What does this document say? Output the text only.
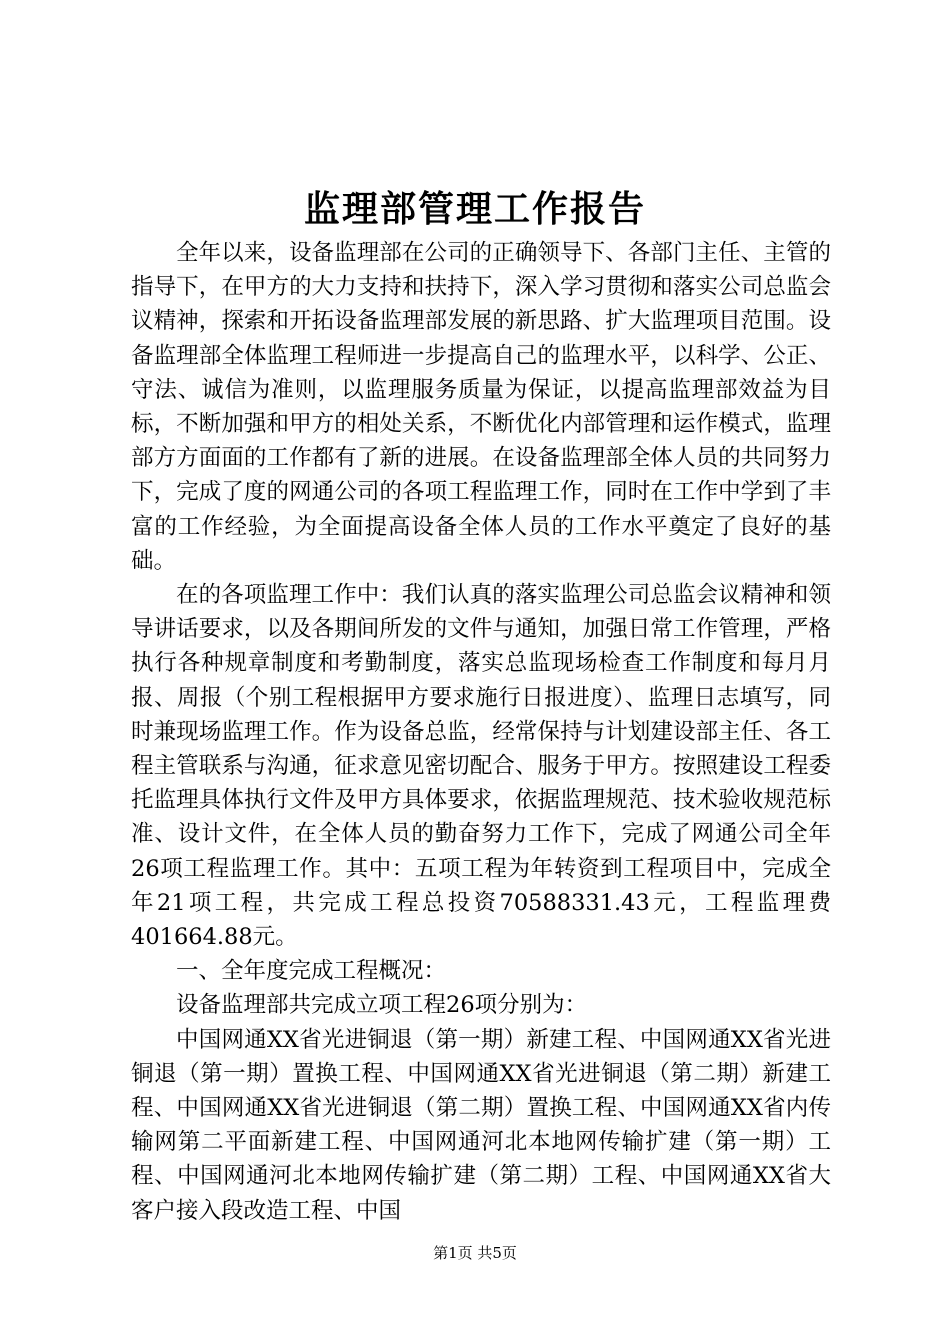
监理部管理工作报告

全年以来，设备监理部在公司的正确领导下、各部门主任、主管的指导下，在甲方的大力支持和扶持下，深入学习贯彻和落实公司总监会议精神，探索和开拓设备监理部发展的新思路、扩大监理项目范围。设备监理部全体监理工程师进一步提高自己的监理水平，以科学、公正、守法、诚信为准则，以监理服务质量为保证，以提高监理部效益为目标，不断加强和甲方的相处关系，不断优化内部管理和运作模式，监理部方方面面的工作都有了新的进展。在设备监理部全体人员的共同努力下，完成了度的网通公司的各项工程监理工作，同时在工作中学到了丰富的工作经验，为全面提高设备全体人员的工作水平奠定了良好的基础。

在的各项监理工作中：我们认真的落实监理公司总监会议精神和领导讲话要求，以及各期间所发的文件与通知，加强日常工作管理，严格执行各种规章制度和考勤制度，落实总监现场检查工作制度和每月月报、周报（个别工程根据甲方要求施行日报进度）、监理日志填写，同时兼现场监理工作。作为设备总监，经常保持与计划建设部主任、各工程主管联系与沟通，征求意见密切配合、服务于甲方。按照建设工程委托监理具体执行文件及甲方具体要求，依据监理规范、技术验收规范标准、设计文件，在全体人员的勤奋努力工作下，完成了网通公司全年26项工程监理工作。其中：五项工程为年转资到工程项目中，完成全年21项工程，共完成工程总投资70588331.43元，工程监理费401664.88元。

一、全年度完成工程概况：

设备监理部共完成立项工程26项分别为：

中国网通XX省光进铜退（第一期）新建工程、中国网通XX省光进铜退（第一期）置换工程、中国网通XX省光进铜退（第二期）新建工程、中国网通XX省光进铜退（第二期）置换工程、中国网通XX省内传输网第二平面新建工程、中国网通河北本地网传输扩建（第一期）工程、中国网通河北本地网传输扩建（第二期）工程、中国网通XX省大客户接入段改造工程、中国

第1页 共5页
